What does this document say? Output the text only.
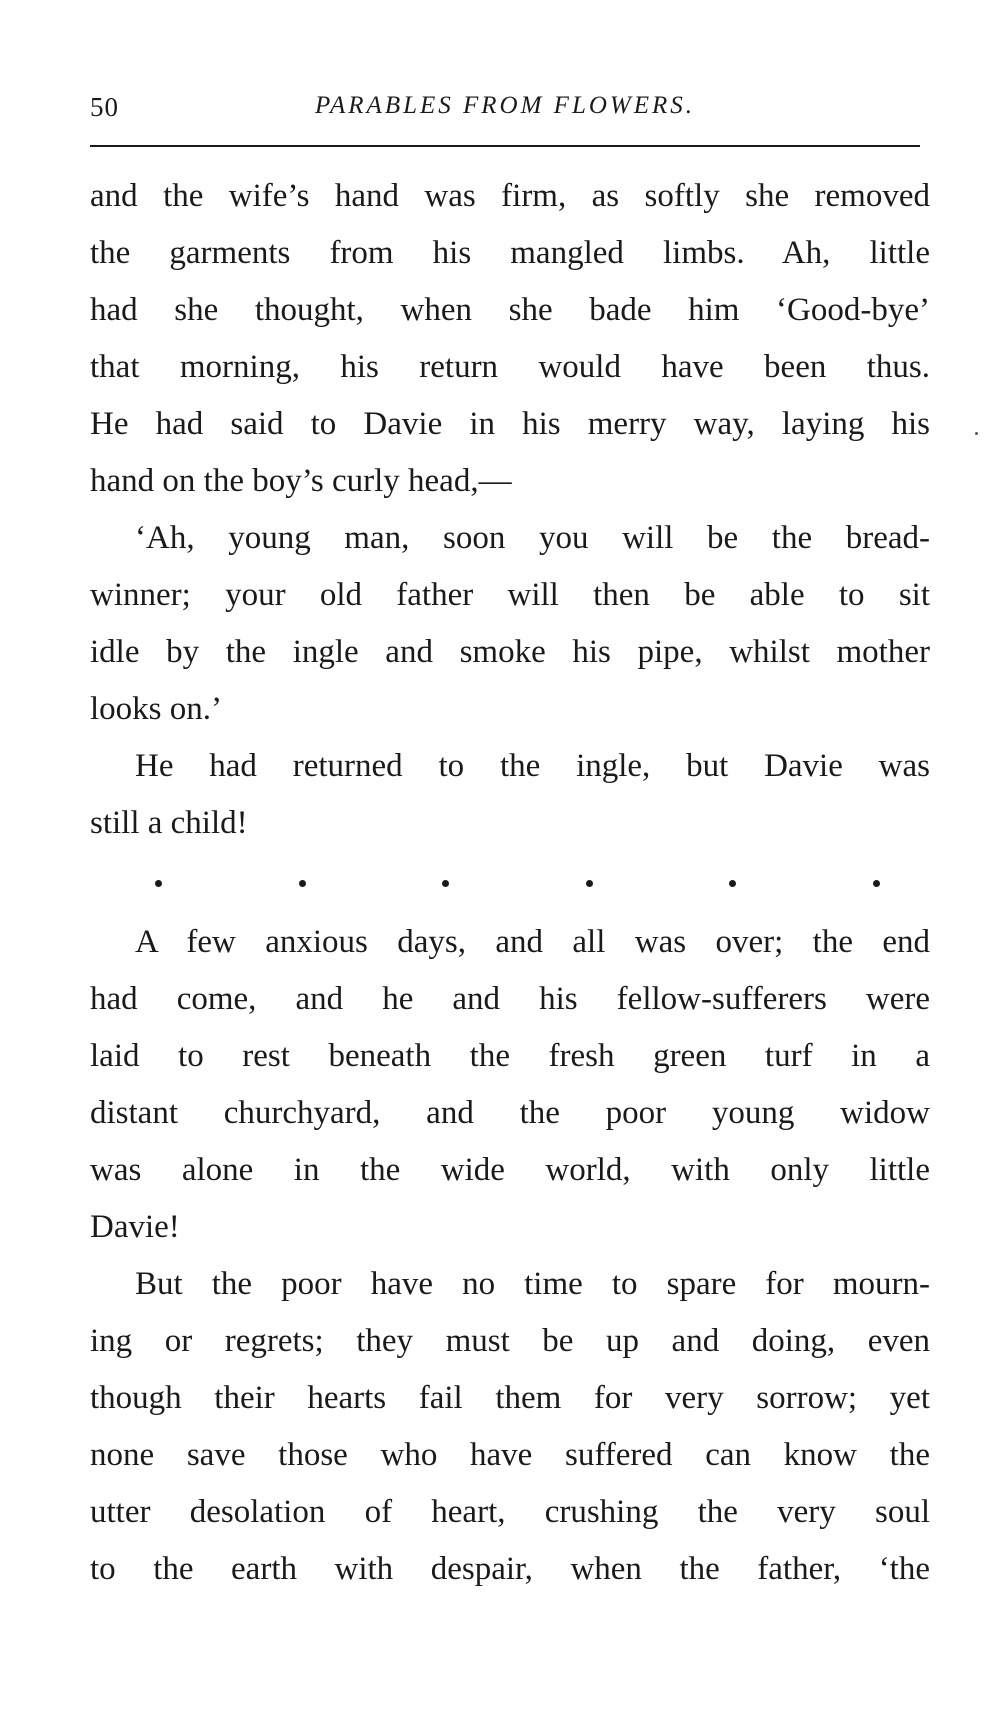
PARABLES FROM FLOWERS.
50
and the wife’s hand was firm, as softly she removed
the garments from his mangled limbs. Ah, little
had she thought, when she bade him ‘Good-bye’
that morning, his return would have been thus.
He had said to Davie in his merry way, laying his
hand on the boy’s curly head,—
‘Ah, young man, soon you will be the bread-
winner; your old father will then be able to sit
idle by the ingle and smoke his pipe, whilst mother
looks on.’
He had returned to the ingle, but Davie was
still a child!
A few anxious days, and all was over; the end
had come, and he and his fellow-sufferers were
laid to rest beneath the fresh green turf in a
distant churchyard, and the poor young widow
was alone in the wide world, with only little
Davie!
But the poor have no time to spare for mourn-
ing or regrets; they must be up and doing, even
though their hearts fail them for very sorrow; yet
none save those who have suffered can know the
utter desolation of heart, crushing the very soul
to the earth with despair, when the father, ‘the
